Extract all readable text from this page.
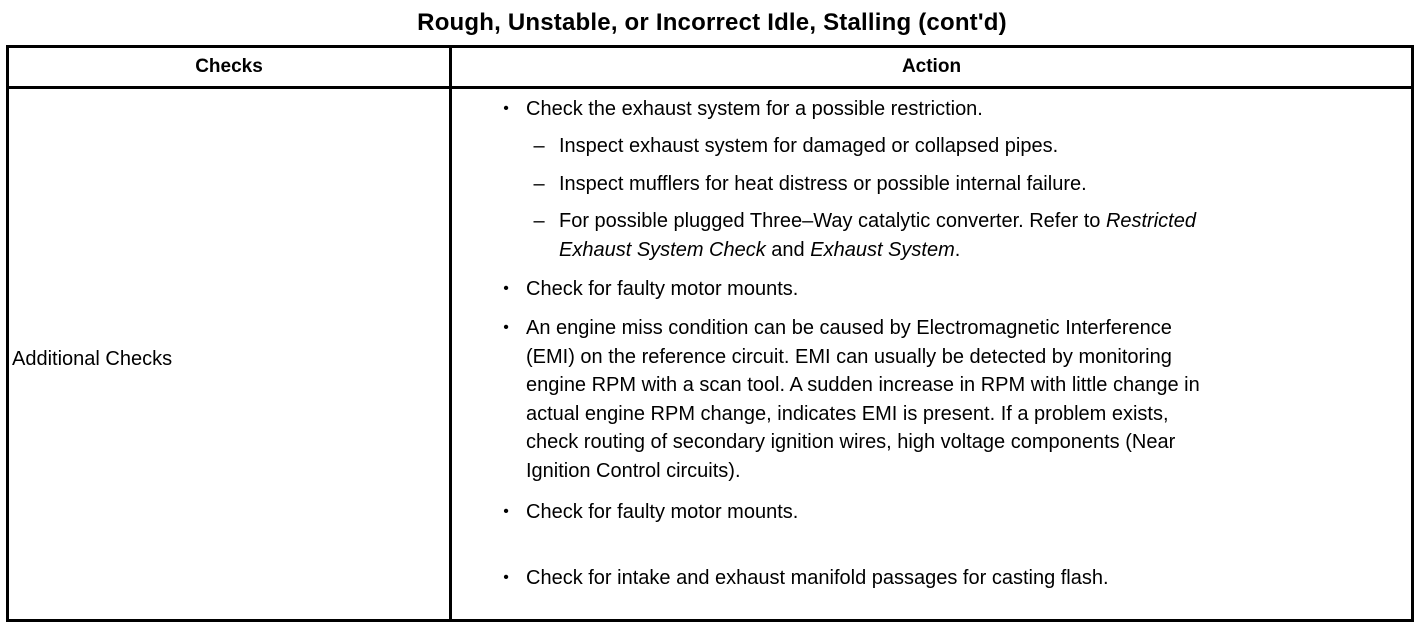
Rough, Unstable, or Incorrect Idle, Stalling (cont'd)
Checks	Action
Additional Checks
• Check the exhaust system for a possible restriction.
– Inspect exhaust system for damaged or collapsed pipes.
– Inspect mufflers for heat distress or possible internal failure.
– For possible plugged Three–Way catalytic converter. Refer to Restricted
Exhaust System Check and Exhaust System.
• Check for faulty motor mounts.
• An engine miss condition can be caused by Electromagnetic Interference
(EMI) on the reference circuit. EMI can usually be detected by monitoring
engine RPM with a scan tool. A sudden increase in RPM with little change in
actual engine RPM change, indicates EMI is present. If a problem exists,
check routing of secondary ignition wires, high voltage components (Near
Ignition Control circuits).
• Check for faulty motor mounts.
• Check for intake and exhaust manifold passages for casting flash.
